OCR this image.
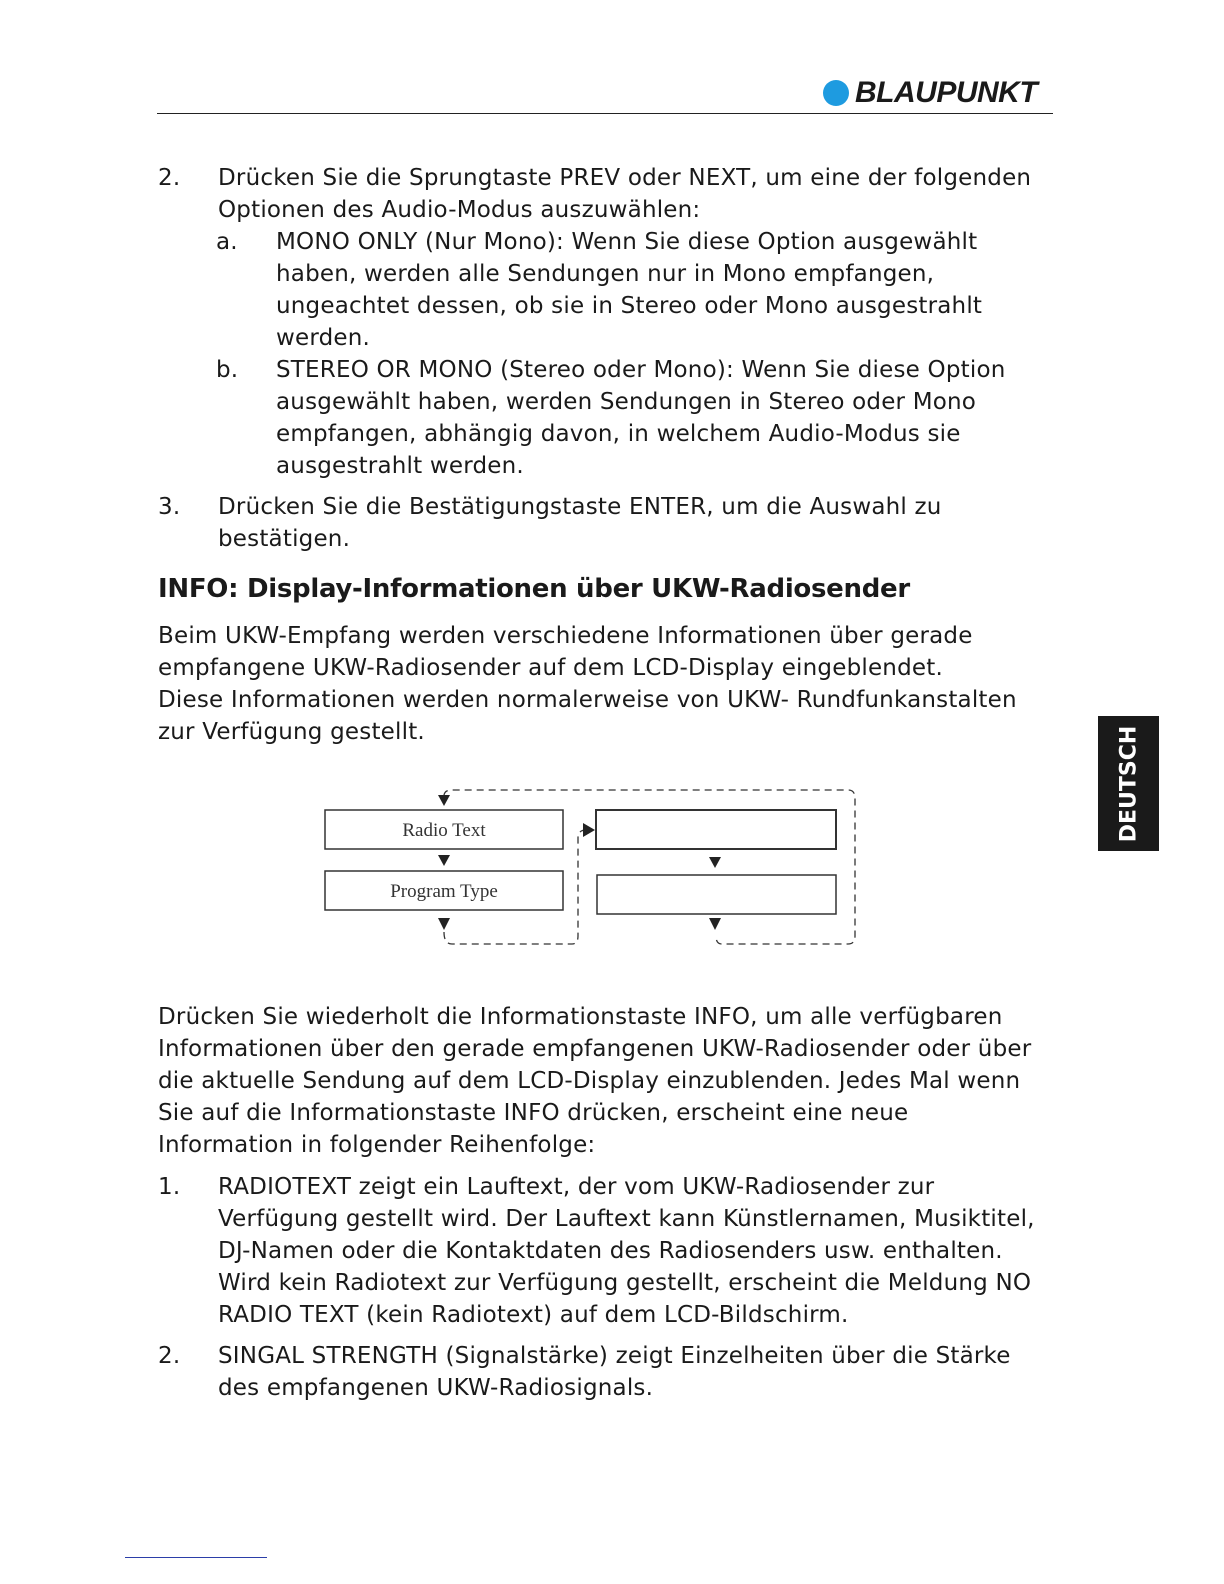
BLAUPUNKT
2. Drücken Sie die Sprungtaste PREV oder NEXT, um eine der folgenden Optionen des Audio-Modus auszuwählen:
a. MONO ONLY (Nur Mono): Wenn Sie diese Option ausgewählt haben, werden alle Sendungen nur in Mono empfangen, ungeachtet dessen, ob sie in Stereo oder Mono ausgestrahlt werden.
b. STEREO OR MONO (Stereo oder Mono): Wenn Sie diese Option ausgewählt haben, werden Sendungen in Stereo oder Mono empfangen, abhängig davon, in welchem Audio-Modus sie ausgestrahlt werden.
3. Drücken Sie die Bestätigungstaste ENTER, um die Auswahl zu bestätigen.
INFO: Display-Informationen über UKW-Radiosender
Beim UKW-Empfang werden verschiedene Informationen über gerade empfangene UKW-Radiosender auf dem LCD-Display eingeblendet.
Diese Informationen werden normalerweise von UKW- Rundfunkanstalten zur Verfügung gestellt.
Radio Text
Program Type
Drücken Sie wiederholt die Informationstaste INFO, um alle verfügbaren Informationen über den gerade empfangenen UKW-Radiosender oder über die aktuelle Sendung auf dem LCD-Display einzublenden. Jedes Mal wenn Sie auf die Informationstaste INFO drücken, erscheint eine neue Information in folgender Reihenfolge:
1. RADIOTEXT zeigt ein Lauftext, der vom UKW-Radiosender zur Verfügung gestellt wird. Der Lauftext kann Künstlernamen, Musiktitel, DJ-Namen oder die Kontaktdaten des Radiosenders usw. enthalten. Wird kein Radiotext zur Verfügung gestellt, erscheint die Meldung NO RADIO TEXT (kein Radiotext) auf dem LCD-Bildschirm.
2. SINGAL STRENGTH (Signalstärke) zeigt Einzelheiten über die Stärke des empfangenen UKW-Radiosignals.
DEUTSCH
